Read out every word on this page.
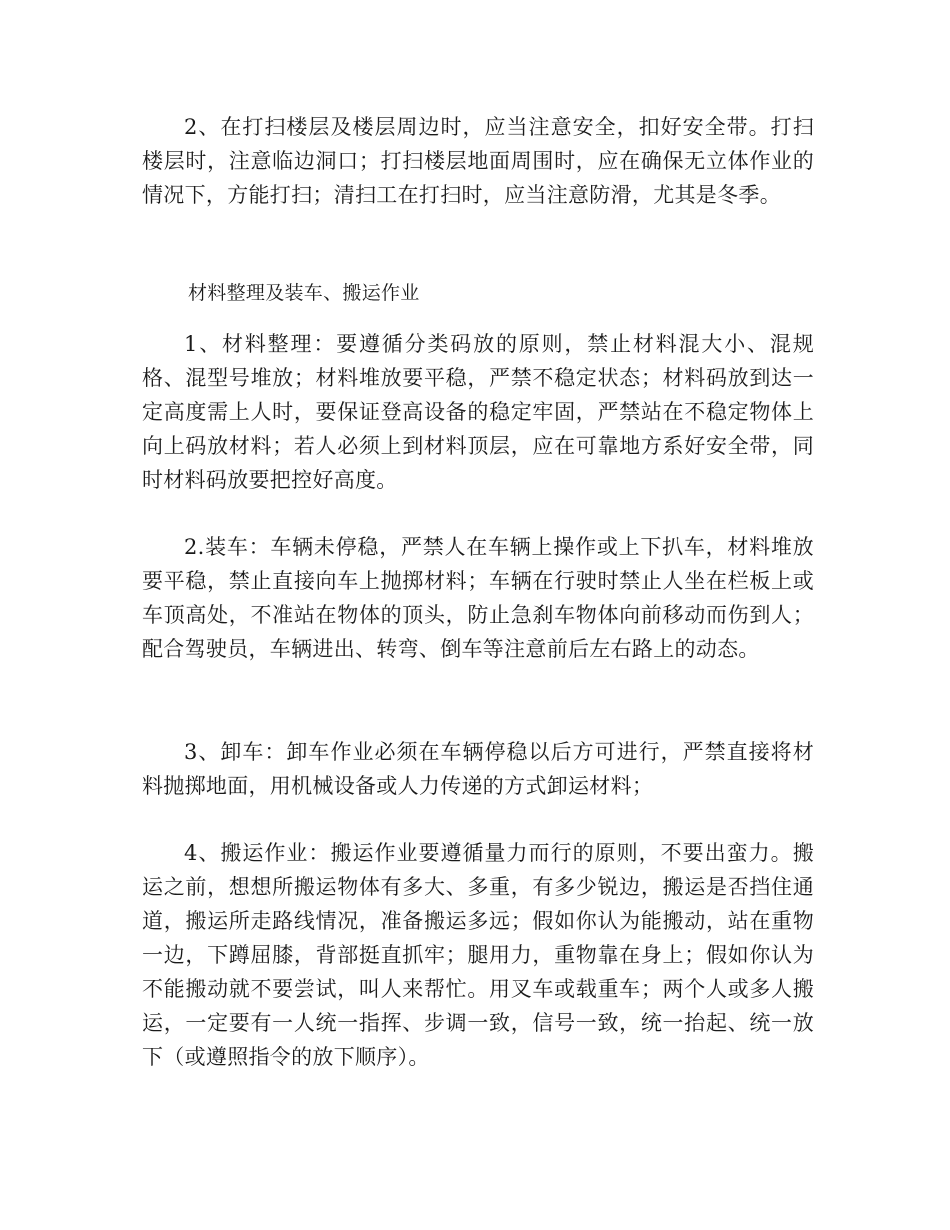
2、在打扫楼层及楼层周边时，应当注意安全，扣好安全带。打扫楼层时，注意临边洞口；打扫楼层地面周围时，应在确保无立体作业的情况下，方能打扫；清扫工在打扫时，应当注意防滑，尤其是冬季。

材料整理及装车、搬运作业

1、材料整理：要遵循分类码放的原则，禁止材料混大小、混规格、混型号堆放；材料堆放要平稳，严禁不稳定状态；材料码放到达一定高度需上人时，要保证登高设备的稳定牢固，严禁站在不稳定物体上向上码放材料；若人必须上到材料顶层，应在可靠地方系好安全带，同时材料码放要把控好高度。

2.装车：车辆未停稳，严禁人在车辆上操作或上下扒车，材料堆放要平稳，禁止直接向车上抛掷材料；车辆在行驶时禁止人坐在栏板上或车顶高处，不准站在物体的顶头，防止急刹车物体向前移动而伤到人；配合驾驶员，车辆进出、转弯、倒车等注意前后左右路上的动态。

3、卸车：卸车作业必须在车辆停稳以后方可进行，严禁直接将材料抛掷地面，用机械设备或人力传递的方式卸运材料；

4、搬运作业：搬运作业要遵循量力而行的原则，不要出蛮力。搬运之前，想想所搬运物体有多大、多重，有多少锐边，搬运是否挡住通道，搬运所走路线情况，准备搬运多远；假如你认为能搬动，站在重物一边，下蹲屈膝，背部挺直抓牢；腿用力，重物靠在身上；假如你认为不能搬动就不要尝试，叫人来帮忙。用叉车或载重车；两个人或多人搬运，一定要有一人统一指挥、步调一致，信号一致，统一抬起、统一放下（或遵照指令的放下顺序）。
